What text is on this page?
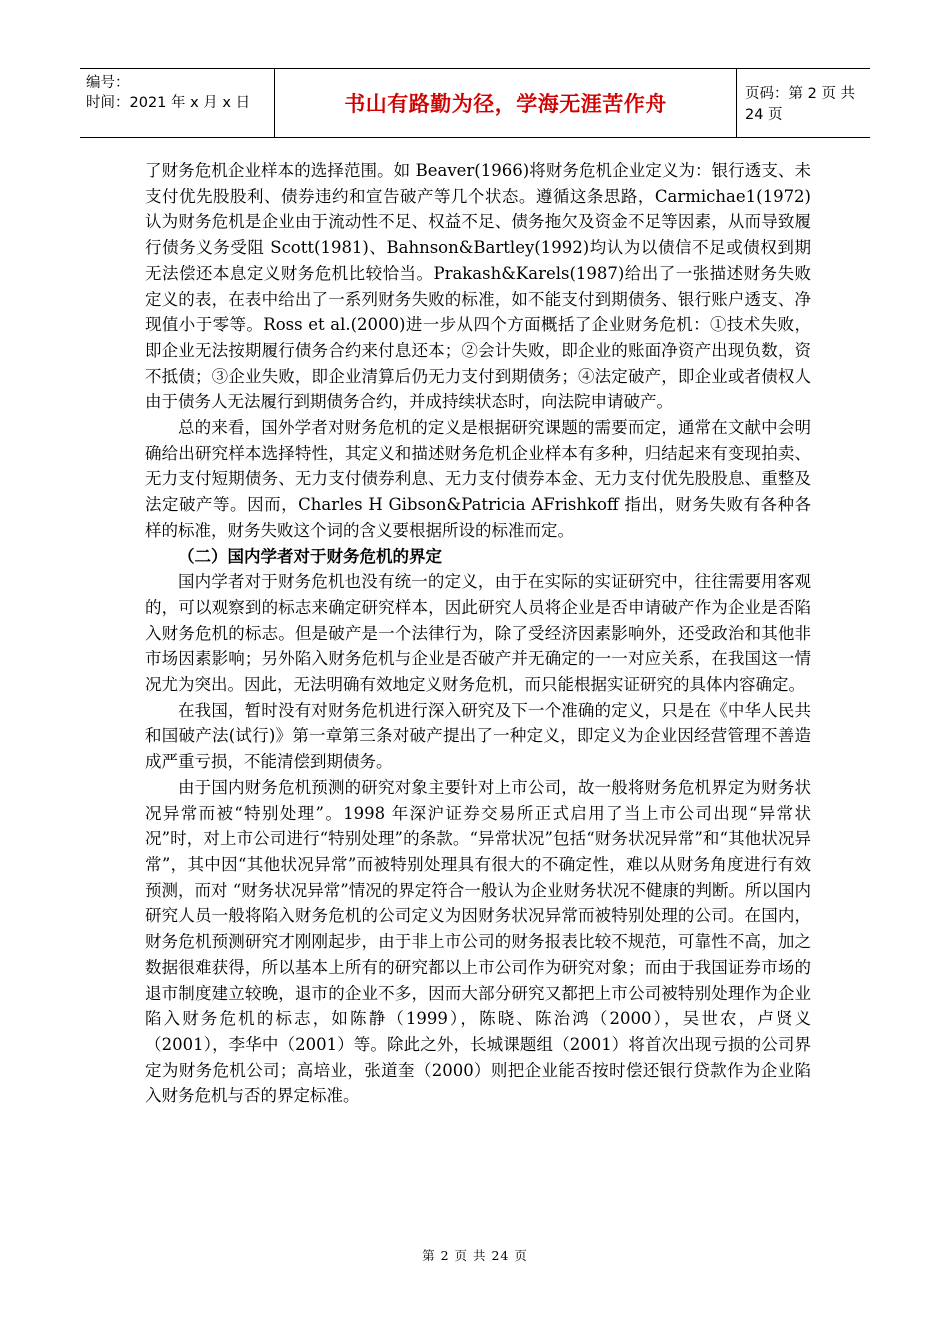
编号：
时间：2021 年 x 月 x 日	书山有路勤为径，学海无涯苦作舟	页码：第 2 页 共 24 页

了财务危机企业样本的选择范围。如 Beaver(1966)将财务危机企业定义为：银行透支、未支付优先股股利、债券违约和宣告破产等几个状态。遵循这条思路，Carmichae1(1972)认为财务危机是企业由于流动性不足、权益不足、债务拖欠及资金不足等因素，从而导致履行债务义务受阻 Scott(1981)、Bahnson&Bartley(1992)均认为以债信不足或债权到期无法偿还本息定义财务危机比较恰当。Prakash&Karels(1987)给出了一张描述财务失败定义的表，在表中给出了一系列财务失败的标准，如不能支付到期债务、银行账户透支、净现值小于零等。Ross et al.(2000)进一步从四个方面概括了企业财务危机：①技术失败，即企业无法按期履行债务合约来付息还本；②会计失败，即企业的账面净资产出现负数，资不抵债；③企业失败，即企业清算后仍无力支付到期债务；④法定破产，即企业或者债权人由于债务人无法履行到期债务合约，并成持续状态时，向法院申请破产。

总的来看，国外学者对财务危机的定义是根据研究课题的需要而定，通常在文献中会明确给出研究样本选择特性，其定义和描述财务危机企业样本有多种，归结起来有变现拍卖、无力支付短期债务、无力支付债券利息、无力支付债券本金、无力支付优先股股息、重整及法定破产等。因而，Charles H Gibson&Patricia AFrishkoff 指出，财务失败有各种各样的标准，财务失败这个词的含义要根据所设的标准而定。

（二）国内学者对于财务危机的界定

国内学者对于财务危机也没有统一的定义，由于在实际的实证研究中，往往需要用客观的，可以观察到的标志来确定研究样本，因此研究人员将企业是否申请破产作为企业是否陷入财务危机的标志。但是破产是一个法律行为，除了受经济因素影响外，还受政治和其他非市场因素影响；另外陷入财务危机与企业是否破产并无确定的一一对应关系，在我国这一情况尤为突出。因此，无法明确有效地定义财务危机，而只能根据实证研究的具体内容确定。

在我国，暂时没有对财务危机进行深入研究及下一个准确的定义，只是在《中华人民共和国破产法(试行)》第一章第三条对破产提出了一种定义，即定义为企业因经营管理不善造成严重亏损，不能清偿到期债务。

由于国内财务危机预测的研究对象主要针对上市公司，故一般将财务危机界定为财务状况异常而被“特别处理”。1998 年深沪证券交易所正式启用了当上市公司出现“异常状况”时，对上市公司进行“特别处理”的条款。“异常状况”包括“财务状况异常”和“其他状况异常”，其中因“其他状况异常”而被特别处理具有很大的不确定性，难以从财务角度进行有效预测，而对 “财务状况异常”情况的界定符合一般认为企业财务状况不健康的判断。所以国内研究人员一般将陷入财务危机的公司定义为因财务状况异常而被特别处理的公司。在国内，财务危机预测研究才刚刚起步，由于非上市公司的财务报表比较不规范，可靠性不高，加之数据很难获得，所以基本上所有的研究都以上市公司作为研究对象；而由于我国证券市场的退市制度建立较晚，退市的企业不多，因而大部分研究又都把上市公司被特别处理作为企业陷入财务危机的标志，如陈静（1999），陈晓、陈治鸿（2000），吴世农，卢贤义（2001），李华中（2001）等。除此之外，长城课题组（2001）将首次出现亏损的公司界定为财务危机公司；高培业，张道奎（2000）则把企业能否按时偿还银行贷款作为企业陷入财务危机与否的界定标准。

第 2 页 共 24 页
